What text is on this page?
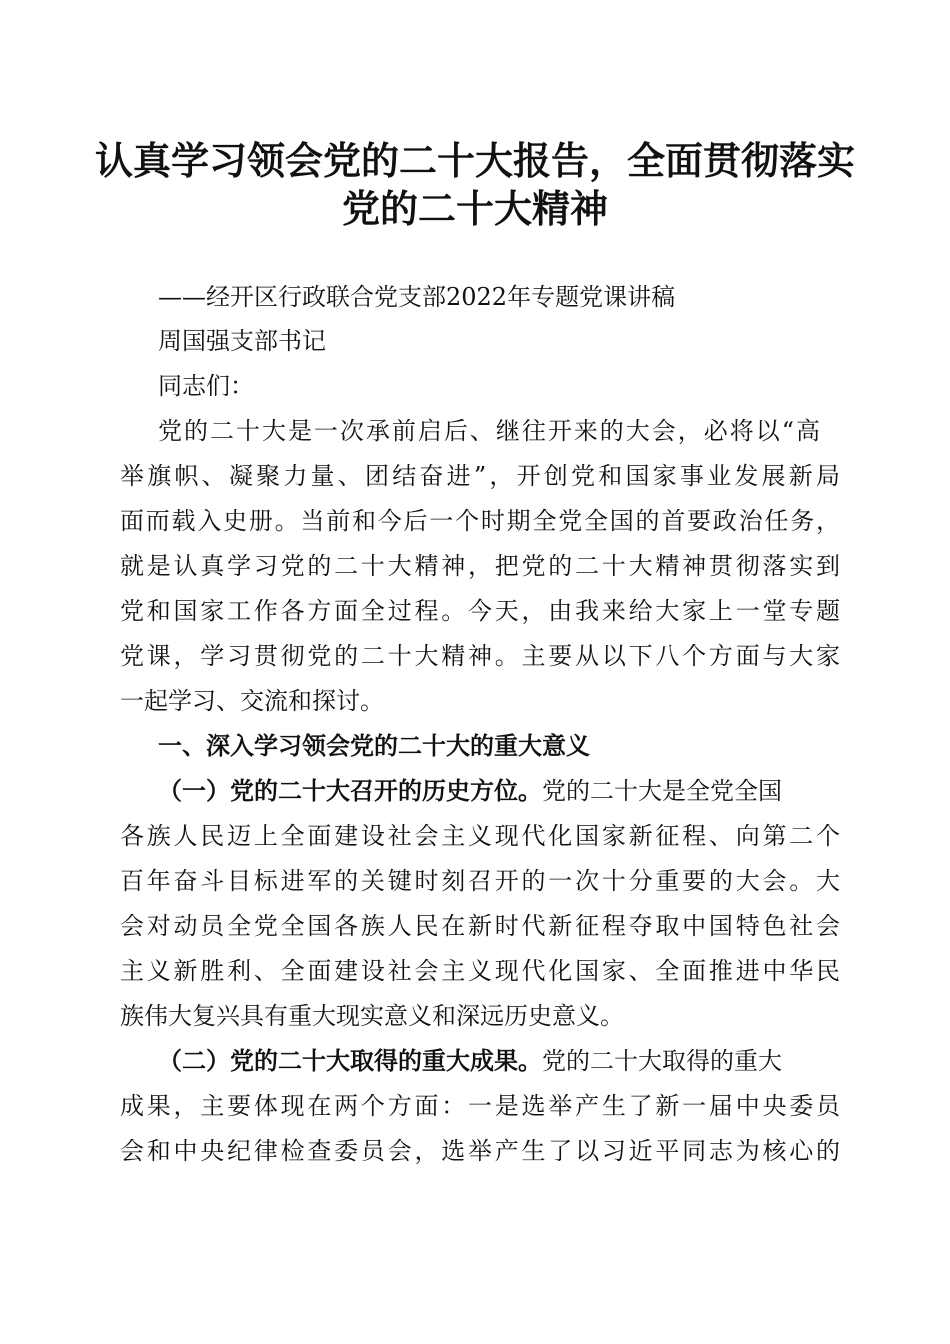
认真学习领会党的二十大报告，全面贯彻落实
党的二十大精神

——经开区行政联合党支部2022年专题党课讲稿

周国强支部书记

同志们：

党的二十大是一次承前启后、继往开来的大会，必将以“高

举旗帜、凝聚力量、团结奋进”，开创党和国家事业发展新局

面而载入史册。当前和今后一个时期全党全国的首要政治任务，

就是认真学习党的二十大精神，把党的二十大精神贯彻落实到

党和国家工作各方面全过程。今天，由我来给大家上一堂专题

党课，学习贯彻党的二十大精神。主要从以下八个方面与大家

一起学习、交流和探讨。

一、深入学习领会党的二十大的重大意义

（一）党的二十大召开的历史方位。党的二十大是全党全国

各族人民迈上全面建设社会主义现代化国家新征程、向第二个

百年奋斗目标进军的关键时刻召开的一次十分重要的大会。大

会对动员全党全国各族人民在新时代新征程夺取中国特色社会

主义新胜利、全面建设社会主义现代化国家、全面推进中华民

族伟大复兴具有重大现实意义和深远历史意义。

（二）党的二十大取得的重大成果。党的二十大取得的重大

成果，主要体现在两个方面：一是选举产生了新一届中央委员

会和中央纪律检查委员会，选举产生了以习近平同志为核心的
